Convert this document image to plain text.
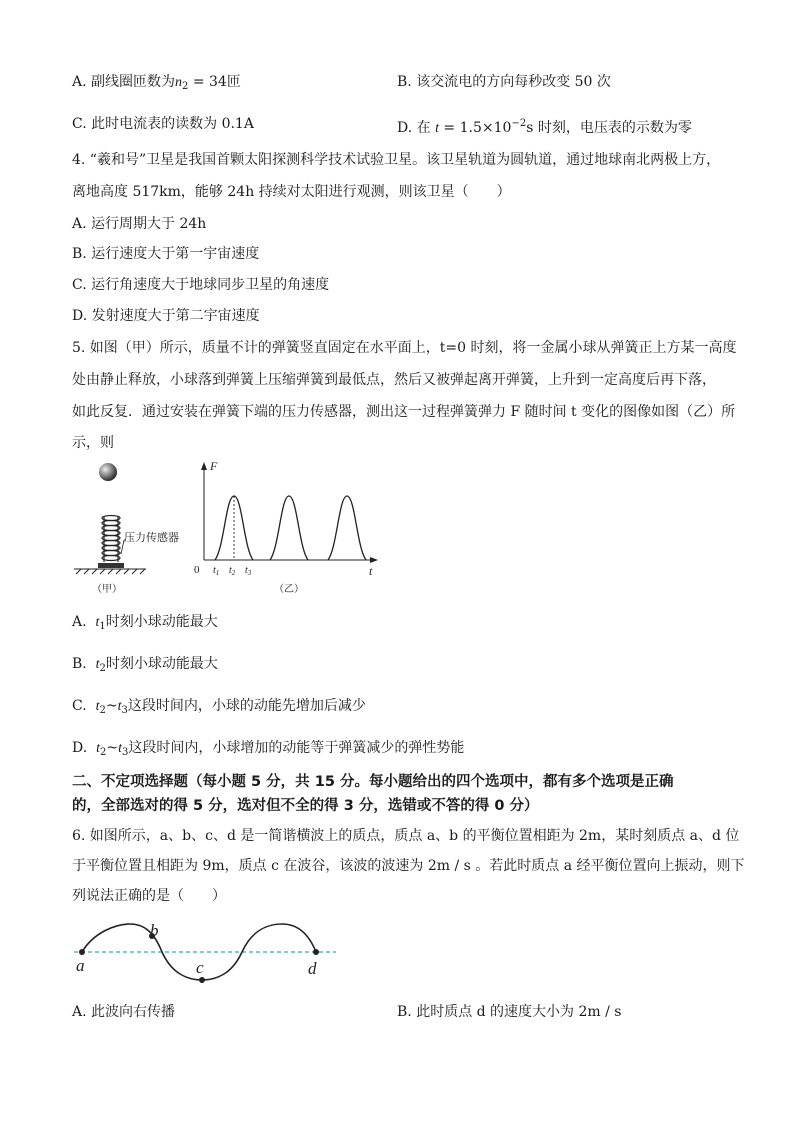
A. 副线圈匝数为$n_2 = 34$匝	B. 该交流电的方向每秒改变 50 次
C. 此时电流表的读数为 0.1A	D. 在 $t = 1.5\times 10^{-2}s$ 时刻，电压表的示数为零
4. “羲和号”卫星是我国首颗太阳探测科学技术试验卫星。该卫星轨道为圆轨道，通过地球南北两极上方，
离地高度 517km，能够 24h 持续对太阳进行观测，则该卫星（　　）
A. 运行周期大于 24h
B. 运行速度大于第一宇宙速度
C. 运行角速度大于地球同步卫星的角速度
D. 发射速度大于第二宇宙速度
5. 如图（甲）所示，质量不计的弹簧竖直固定在水平面上，t=0 时刻，将一金属小球从弹簧正上方某一高度
处由静止释放，小球落到弹簧上压缩弹簧到最低点，然后又被弹起离开弹簧，上升到一定高度后再下落，
如此反复．通过安装在弹簧下端的压力传感器，测出这一过程弹簧弹力 F 随时间 t 变化的图像如图（乙）所
示，则
压力传感器
（甲）
F
t
0 $t_1$ $t_2$ $t_3$
（乙）
A. $t_1$时刻小球动能最大
B. $t_2$时刻小球动能最大
C. $t_2\sim t_3$这段时间内，小球的动能先增加后减少
D. $t_2\sim t_3$这段时间内，小球增加的动能等于弹簧减少的弹性势能
二、不定项选择题（每小题 5 分，共 15 分。每小题给出的四个选项中，都有多个选项是正确
的，全部选对的得 5 分，选对但不全的得 3 分，选错或不答的得 0 分）
6. 如图所示，a、b、c、d 是一简谐横波上的质点，质点 a、b 的平衡位置相距为 2m，某时刻质点 a、d 位
于平衡位置且相距为 9m，质点 c 在波谷，该波的波速为 2m / s 。若此时质点 a 经平衡位置向上振动，则下
列说法正确的是（　　）
a
b
c	d
A. 此波向右传播	B. 此时质点 d 的速度大小为 2m / s
